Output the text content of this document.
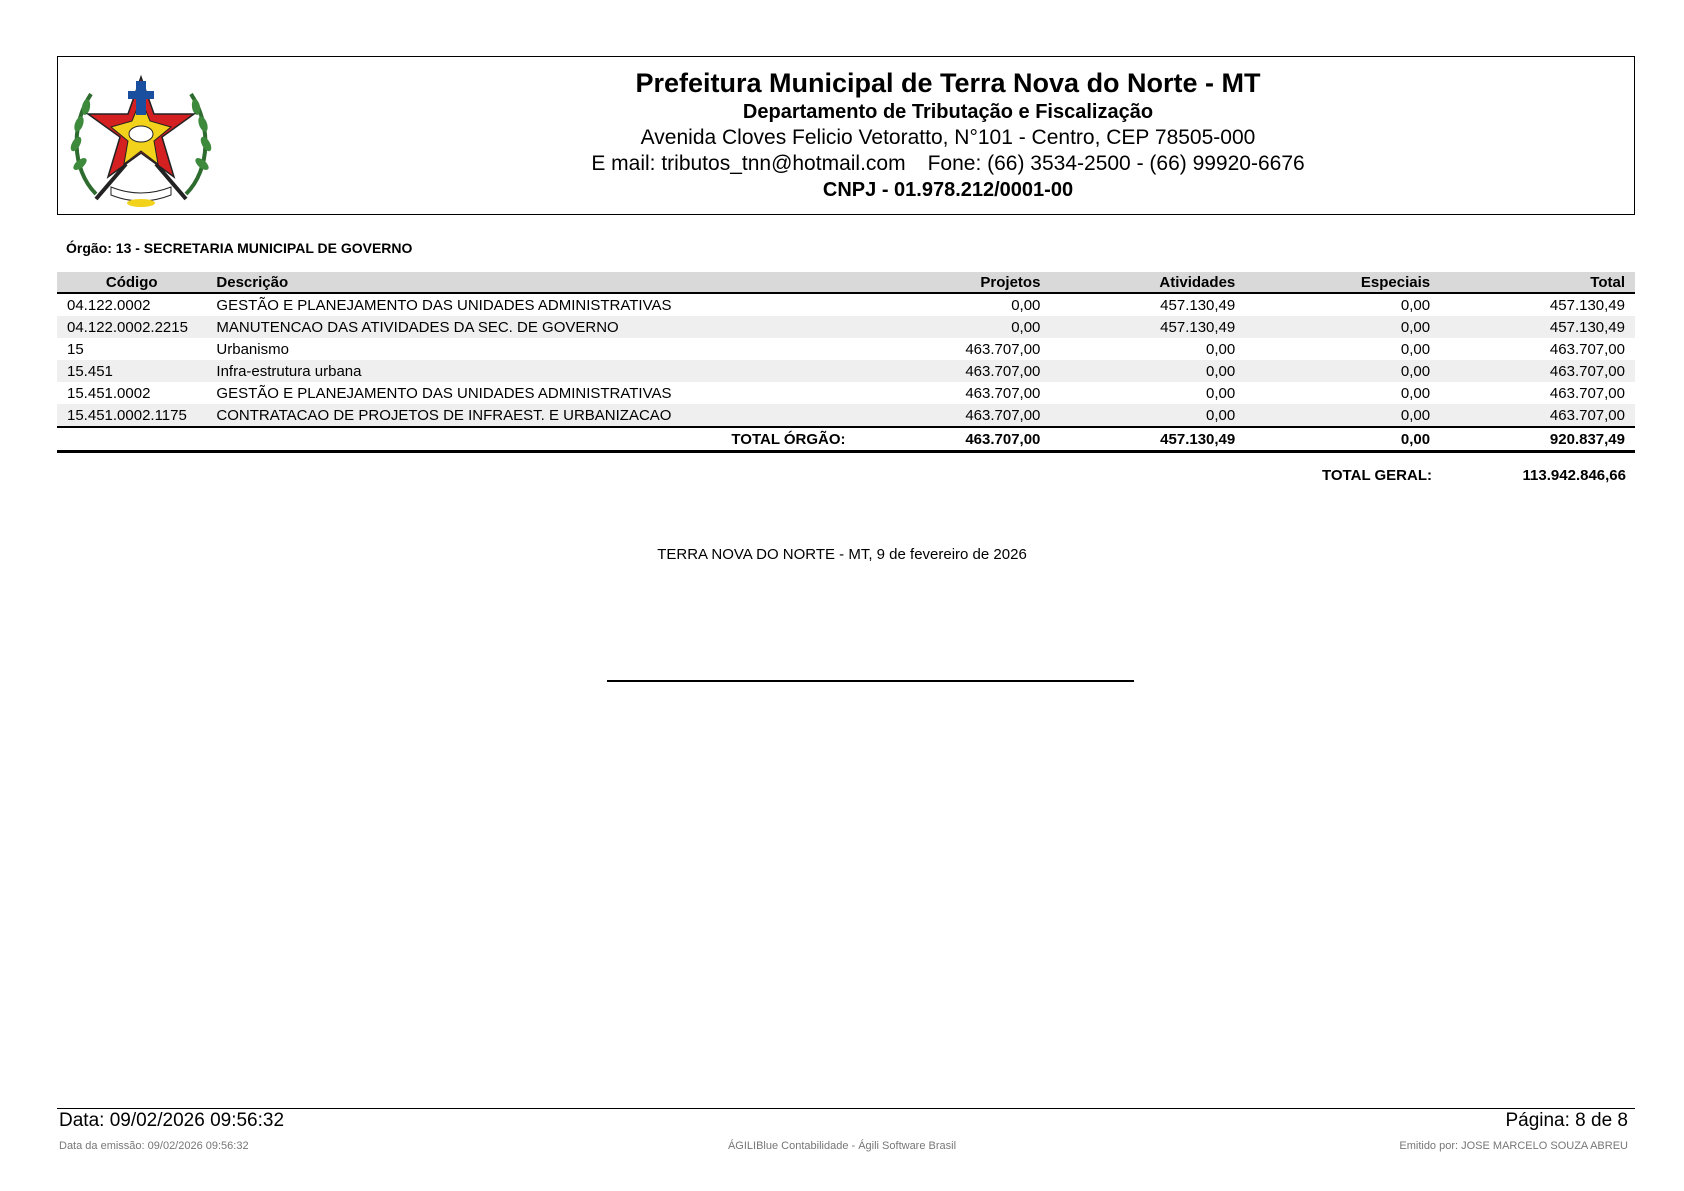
Prefeitura Municipal de Terra Nova do Norte - MT
Departamento de Tributação e Fiscalização
Avenida Cloves Felicio Vetoratto, N°101 - Centro, CEP 78505-000
E mail: tributos_tnn@hotmail.com Fone: (66) 3534-2500 - (66) 99920-6676
CNPJ - 01.978.212/0001-00
Órgão: 13 - SECRETARIA MUNICIPAL DE GOVERNO
Código	Descrição	Projetos	Atividades	Especiais	Total
04.122.0002	GESTÃO E PLANEJAMENTO DAS UNIDADES ADMINISTRATIVAS	0,00	457.130,49	0,00	457.130,49
04.122.0002.2215	MANUTENCAO DAS ATIVIDADES DA SEC. DE GOVERNO	0,00	457.130,49	0,00	457.130,49
15	Urbanismo	463.707,00	0,00	0,00	463.707,00
15.451	Infra-estrutura urbana	463.707,00	0,00	0,00	463.707,00
15.451.0002	GESTÃO E PLANEJAMENTO DAS UNIDADES ADMINISTRATIVAS	463.707,00	0,00	0,00	463.707,00
15.451.0002.1175	CONTRATACAO DE PROJETOS DE INFRAEST. E URBANIZACAO	463.707,00	0,00	0,00	463.707,00
	TOTAL ÓRGÃO:	463.707,00	457.130,49	0,00	920.837,49
TOTAL GERAL:	113.942.846,66
TERRA NOVA DO NORTE - MT, 9 de fevereiro de 2026
Data: 09/02/2026 09:56:32	Página: 8 de 8
Data da emissão: 09/02/2026 09:56:32	ÁGILIBlue Contabilidade - Ágili Software Brasil	Emitido por: JOSE MARCELO SOUZA ABREU
